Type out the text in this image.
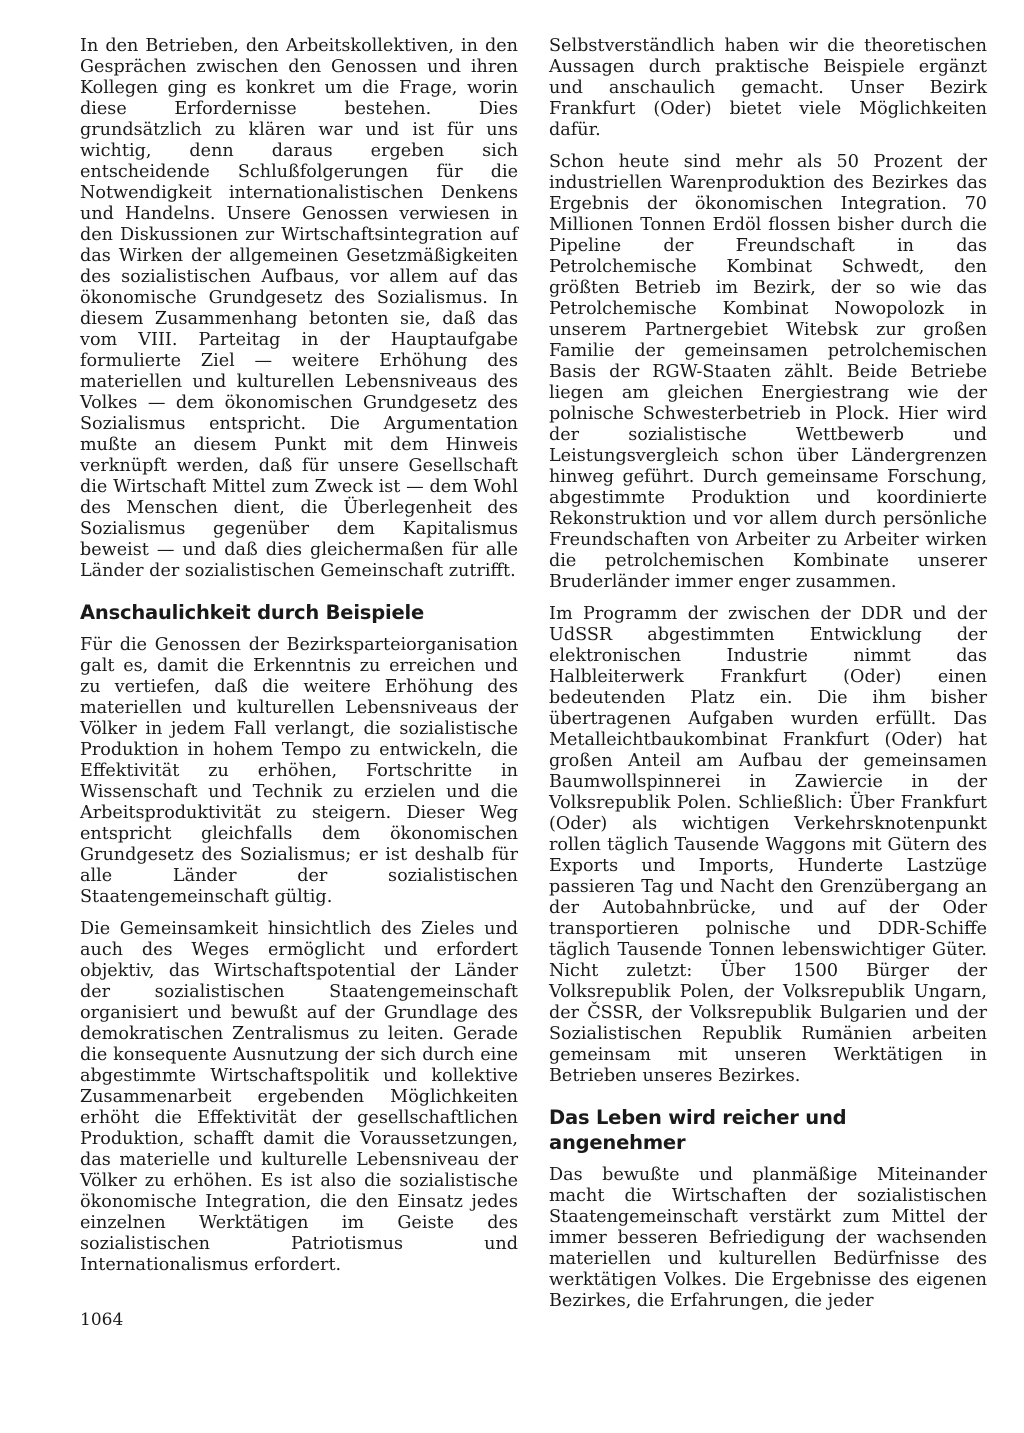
In den Betrieben, den Arbeitskollektiven, in den Gesprächen zwischen den Genossen und ihren Kollegen ging es konkret um die Frage, worin diese Erfordernisse bestehen. Dies grundsätzlich zu klären war und ist für uns wichtig, denn daraus ergeben sich entscheidende Schlußfolgerungen für die Notwendigkeit internationalistischen Denkens und Handelns. Unsere Genossen verwiesen in den Diskussionen zur Wirtschaftsintegration auf das Wirken der allgemeinen Gesetzmäßigkeiten des sozialistischen Aufbaus, vor allem auf das ökonomische Grundgesetz des Sozialismus. In diesem Zusammenhang betonten sie, daß das vom VIII. Parteitag in der Hauptaufgabe formulierte Ziel — weitere Erhöhung des materiellen und kulturellen Lebensniveaus des Volkes — dem ökonomischen Grundgesetz des Sozialismus entspricht. Die Argumentation mußte an diesem Punkt mit dem Hinweis verknüpft werden, daß für unsere Gesellschaft die Wirtschaft Mittel zum Zweck ist — dem Wohl des Menschen dient, die Überlegenheit des Sozialismus gegenüber dem Kapitalismus beweist — und daß dies gleichermaßen für alle Länder der sozialistischen Gemeinschaft zutrifft.

Anschaulichkeit durch Beispiele

Für die Genossen der Bezirksparteiorganisation galt es, damit die Erkenntnis zu erreichen und zu vertiefen, daß die weitere Erhöhung des materiellen und kulturellen Lebensniveaus der Völker in jedem Fall verlangt, die sozialistische Produktion in hohem Tempo zu entwickeln, die Effektivität zu erhöhen, Fortschritte in Wissenschaft und Technik zu erzielen und die Arbeitsproduktivität zu steigern. Dieser Weg entspricht gleichfalls dem ökonomischen Grundgesetz des Sozialismus; er ist deshalb für alle Länder der sozialistischen Staatengemeinschaft gültig.

Die Gemeinsamkeit hinsichtlich des Zieles und auch des Weges ermöglicht und erfordert objektiv, das Wirtschaftspotential der Länder der sozialistischen Staatengemeinschaft organisiert und bewußt auf der Grundlage des demokratischen Zentralismus zu leiten. Gerade die konsequente Ausnutzung der sich durch eine abgestimmte Wirtschaftspolitik und kollektive Zusammenarbeit ergebenden Möglichkeiten erhöht die Effektivität der gesellschaftlichen Produktion, schafft damit die Voraussetzungen, das materielle und kulturelle Lebensniveau der Völker zu erhöhen. Es ist also die sozialistische ökonomische Integration, die den Einsatz jedes einzelnen Werktätigen im Geiste des sozialistischen Patriotismus und Internationalismus erfordert.

Selbstverständlich haben wir die theoretischen Aussagen durch praktische Beispiele ergänzt und anschaulich gemacht. Unser Bezirk Frankfurt (Oder) bietet viele Möglichkeiten dafür.

Schon heute sind mehr als 50 Prozent der industriellen Warenproduktion des Bezirkes das Ergebnis der ökonomischen Integration. 70 Millionen Tonnen Erdöl flossen bisher durch die Pipeline der Freundschaft in das Petrolchemische Kombinat Schwedt, den größten Betrieb im Bezirk, der so wie das Petrolchemische Kombinat Nowopolozk in unserem Partnergebiet Witebsk zur großen Familie der gemeinsamen petrolchemischen Basis der RGW-Staaten zählt. Beide Betriebe liegen am gleichen Energiestrang wie der polnische Schwesterbetrieb in Plock. Hier wird der sozialistische Wettbewerb und Leistungsvergleich schon über Ländergrenzen hinweg geführt. Durch gemeinsame Forschung, abgestimmte Produktion und koordinierte Rekonstruktion und vor allem durch persönliche Freundschaften von Arbeiter zu Arbeiter wirken die petrolchemischen Kombinate unserer Bruderländer immer enger zusammen.

Im Programm der zwischen der DDR und der UdSSR abgestimmten Entwicklung der elektronischen Industrie nimmt das Halbleiterwerk Frankfurt (Oder) einen bedeutenden Platz ein. Die ihm bisher übertragenen Aufgaben wurden erfüllt. Das Metalleichtbaukombinat Frankfurt (Oder) hat großen Anteil am Aufbau der gemeinsamen Baumwollspinnerei in Zawiercie in der Volksrepublik Polen. Schließlich: Über Frankfurt (Oder) als wichtigen Verkehrsknotenpunkt rollen täglich Tausende Waggons mit Gütern des Exports und Imports, Hunderte Lastzüge passieren Tag und Nacht den Grenzübergang an der Autobahnbrücke, und auf der Oder transportieren polnische und DDR-Schiffe täglich Tausende Tonnen lebenswichtiger Güter. Nicht zuletzt: Über 1500 Bürger der Volksrepublik Polen, der Volksrepublik Ungarn, der ČSSR, der Volksrepublik Bulgarien und der Sozialistischen Republik Rumänien arbeiten gemeinsam mit unseren Werktätigen in Betrieben unseres Bezirkes.

Das Leben wird reicher und angenehmer

Das bewußte und planmäßige Miteinander macht die Wirtschaften der sozialistischen Staatengemeinschaft verstärkt zum Mittel der immer besseren Befriedigung der wachsenden materiellen und kulturellen Bedürfnisse des werktätigen Volkes. Die Ergebnisse des eigenen Bezirkes, die Erfahrungen, die jeder

1064
